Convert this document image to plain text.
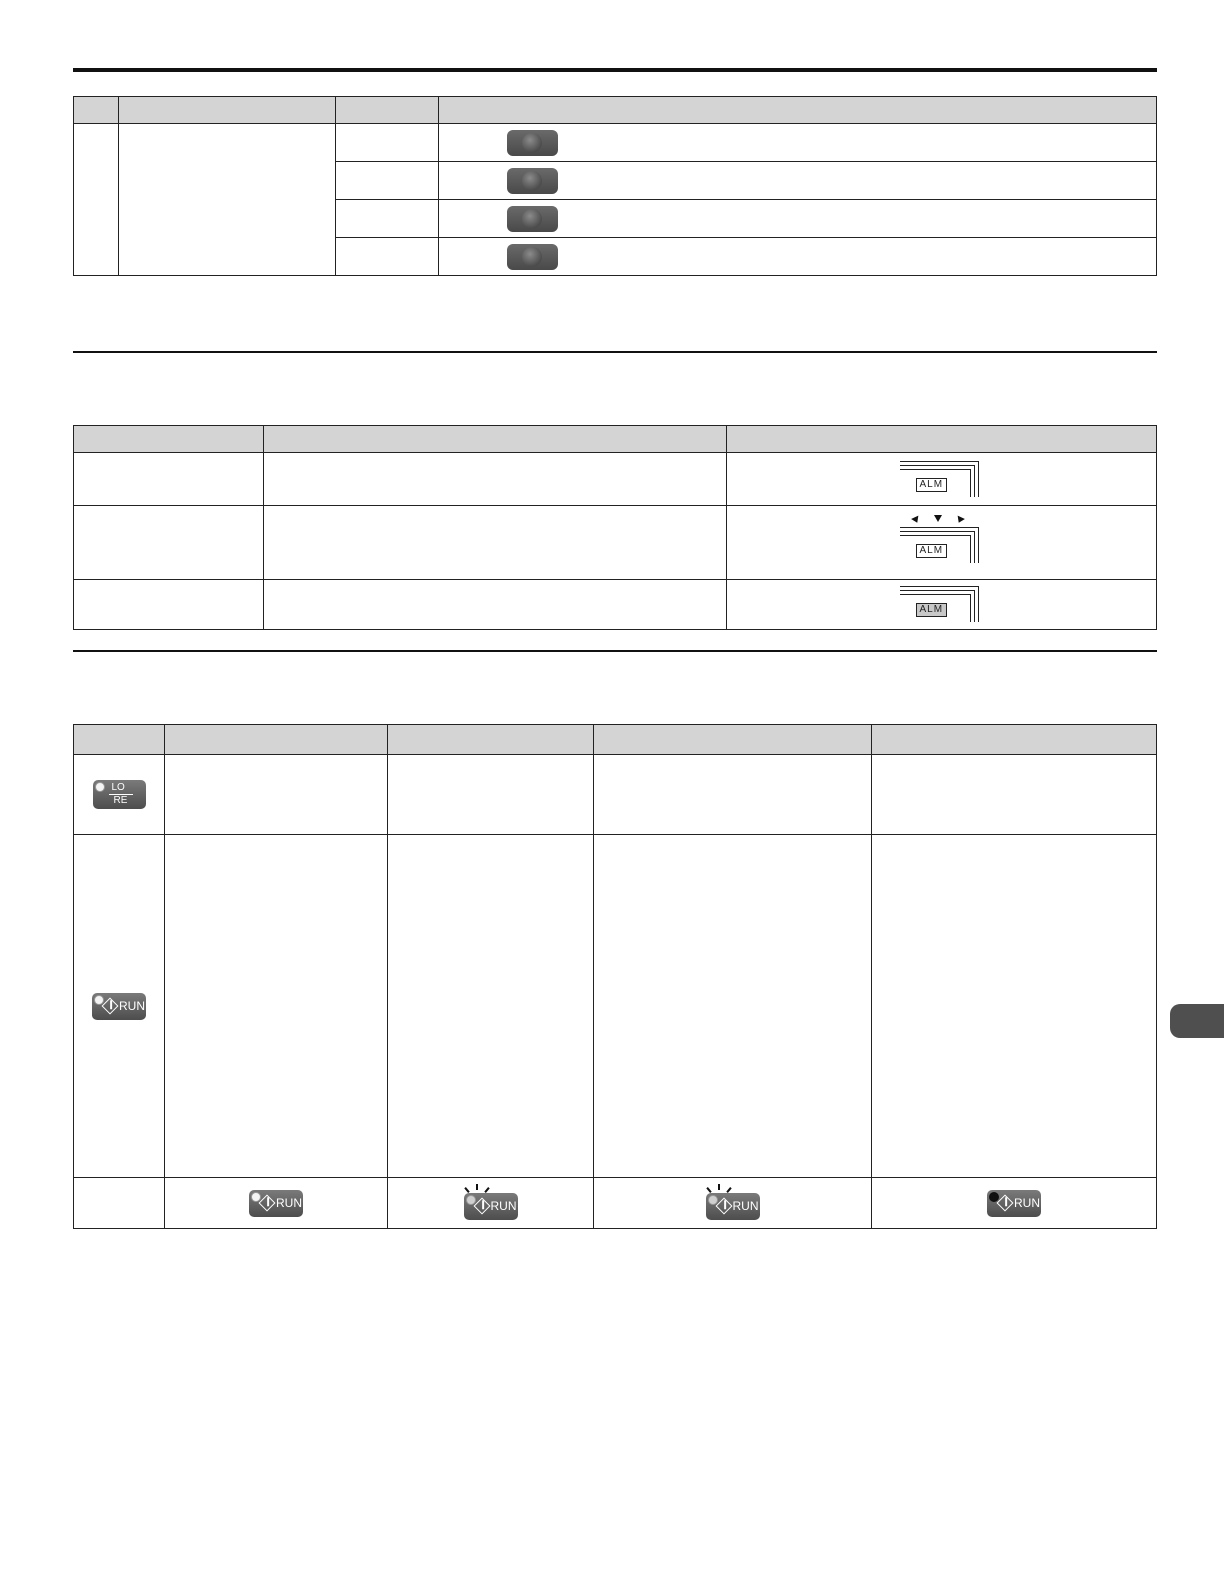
		ALM

		ALM

		ALM

$\frac{LO}{RE}$

RUN				

	RUN	RUN	RUN	RUN
